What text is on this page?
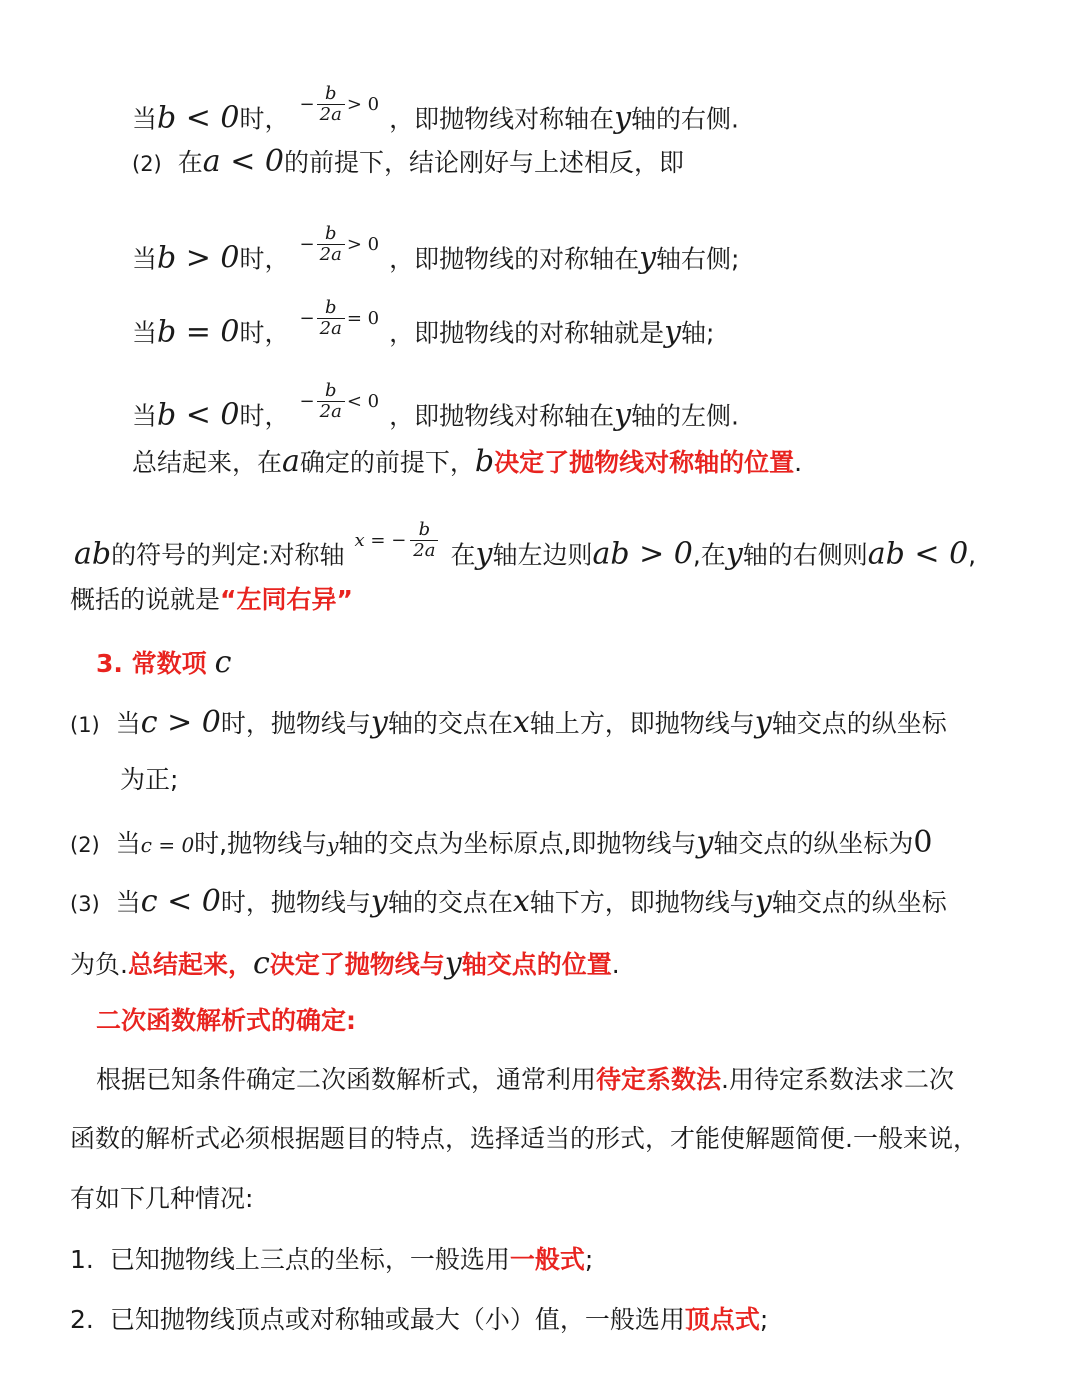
当b < 0时，
− $\frac{b}{2a} > 0$
，即抛物线对称轴在y轴的右侧.
(2) 在a < 0的前提下，结论刚好与上述相反，即
当b > 0时，
− $\frac{b}{2a} > 0$
，即抛物线的对称轴在y轴右侧;
当b = 0时，
− $\frac{b}{2a} = 0$
，即抛物线的对称轴就是y轴;
当b < 0时，
− $\frac{b}{2a} < 0$
，即抛物线对称轴在y轴的左侧.
总结起来，在a确定的前提下，b决定了抛物线对称轴的位置.
ab的符号的判定:对称轴
x = − $\frac{b}{2a}$ 在y轴左边则ab > 0,在y轴的右侧则ab < 0,
概括的说就是“左同右异”
3. 常数项 c
(1) 当c > 0时，抛物线与y轴的交点在x轴上方，即抛物线与y轴交点的纵坐标
为正;
(2) 当c = 0时,抛物线与y轴的交点为坐标原点,即抛物线与y轴交点的纵坐标为0
(3) 当c < 0时，抛物线与y轴的交点在x轴下方，即抛物线与y轴交点的纵坐标
为负.总结起来，c决定了抛物线与y轴交点的位置.
二次函数解析式的确定:
根据已知条件确定二次函数解析式，通常利用待定系数法.用待定系数法求二次
函数的解析式必须根据题目的特点，选择适当的形式，才能使解题简便.一般来说，
有如下几种情况:
1. 已知抛物线上三点的坐标，一般选用一般式;
2. 已知抛物线顶点或对称轴或最大（小）值，一般选用顶点式;
